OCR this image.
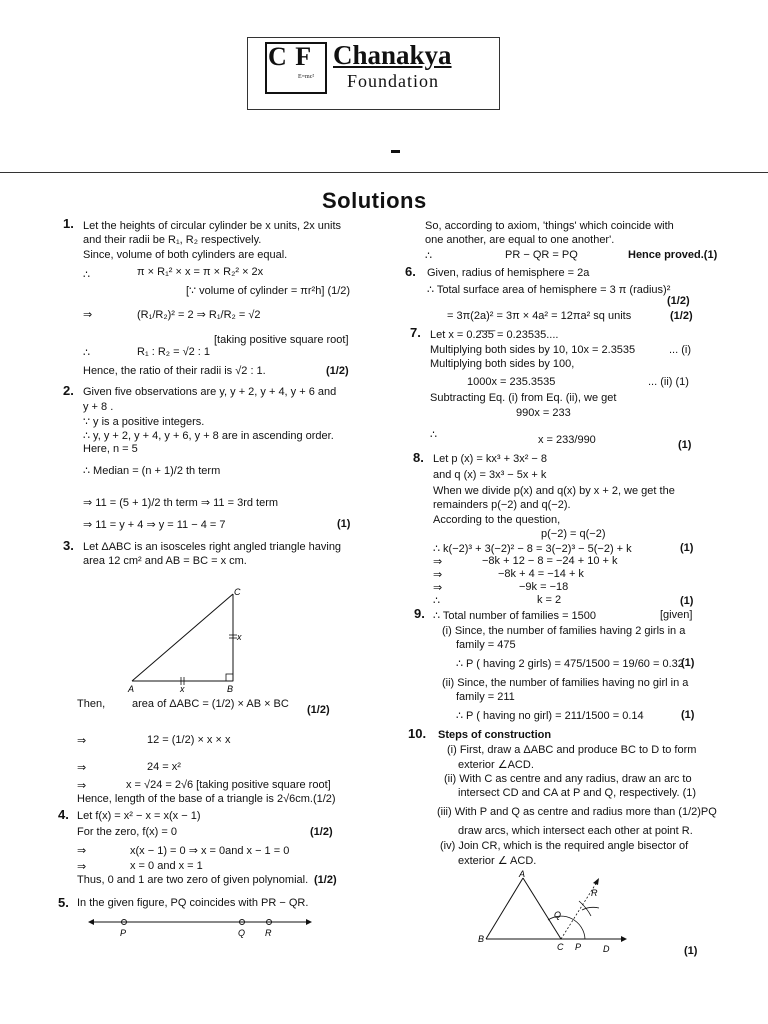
C F
E=mc²
Chanakya
Foundation
Solutions
1. Let the heights of circular cylinder be x units, 2x units
and their radii be R₁, R₂ respectively.
Since, volume of both cylinders are equal.
∴	π × R₁² × x = π × R₂² × 2x
[∵ volume of cylinder = πr²h] (1/2)
⇒	(R₁/R₂)² = 2 ⇒ R₁/R₂ = √2
[taking positive square root]
∴	R₁ : R₂ = √2 : 1
Hence, the ratio of their radii is √2 : 1.	(1/2)
2. Given five observations are y, y + 2, y + 4, y + 6 and
y + 8 .
∵ y is a positive integers.
∴ y, y + 2, y + 4, y + 6, y + 8 are in ascending order.
Here, n = 5
∴ Median = (n + 1)/2 th term
⇒ 11 = (5 + 1)/2 th term ⇒ 11 = 3rd term
⇒ 11 = y + 4 ⇒ y = 11 − 4 = 7	(1)
3. Let ΔABC is an isosceles right angled triangle having
area 12 cm² and AB = BC = x cm.
Then, area of ΔABC = (1/2) × AB × BC (1/2)
⇒	12 = (1/2) × x × x
⇒	24 = x²
⇒	x = √24 = 2√6 [taking positive square root]
Hence, length of the base of a triangle is 2√6cm.(1/2)
4. Let f(x) = x² − x = x(x − 1)
For the zero, f(x) = 0	(1/2)
⇒	x(x − 1) = 0 ⇒ x = 0and x − 1 = 0
⇒	x = 0 and x = 1
Thus, 0 and 1 are two zero of given polynomial. (1/2)
5. In the given figure, PQ coincides with PR − QR.
So, according to axiom, 'things' which coincide with
one another, are equal to one another'.
∴	PR − QR = PQ	Hence proved.(1)
6. Given, radius of hemisphere = 2a
∴ Total surface area of hemisphere = 3 π (radius)²
(1/2)
= 3π(2a)² = 3π × 4a² = 12πa² sq units	(1/2)
7. Let x = 0.2̄3̄5̄ = 0.23535....
Multiplying both sides by 10, 10x = 2.3535	... (i)
Multiplying both sides by 100,
1000x = 235.3535	... (ii) (1)
Subtracting Eq. (i) from Eq. (ii), we get
990x = 233
∴	x = 233/990	(1)
8. Let p (x) = kx³ + 3x² − 8
and q (x) = 3x³ − 5x + k
When we divide p(x) and q(x) by x + 2, we get the
remainders p(−2) and q(−2).
According to the question,
p(−2) = q(−2)
∴ k(−2)³ + 3(−2)² − 8 = 3(−2)³ − 5(−2) + k	(1)
⇒	−8k + 12 − 8 = −24 + 10 + k
⇒	−8k + 4 = −14 + k
⇒	−9k = −18
∴	k = 2	(1)
9. ∴ Total number of families = 1500	[given]
(i) Since, the number of families having 2 girls in a
family = 475
∴ P ( having 2 girls) = 475/1500 = 19/60 = 0.32
(1)
(ii) Since, the number of families having no girl in a
family = 211
∴ P ( having no girl) = 211/1500 = 0.14	(1)
10. Steps of construction
(i) First, draw a ΔABC and produce BC to D to form
exterior ∠ACD.
(ii) With C as centre and any radius, draw an arc to
intersect CD and CA at P and Q, respectively. (1)
(iii) With P and Q as centre and radius more than (1/2)PQ
draw arcs, which intersect each other at point R.
(iv) Join CR, which is the required angle bisector of
exterior ∠ ACD.
(1)
A	B
C
x
x
P	Q R
A
B
C P D
Q
R
